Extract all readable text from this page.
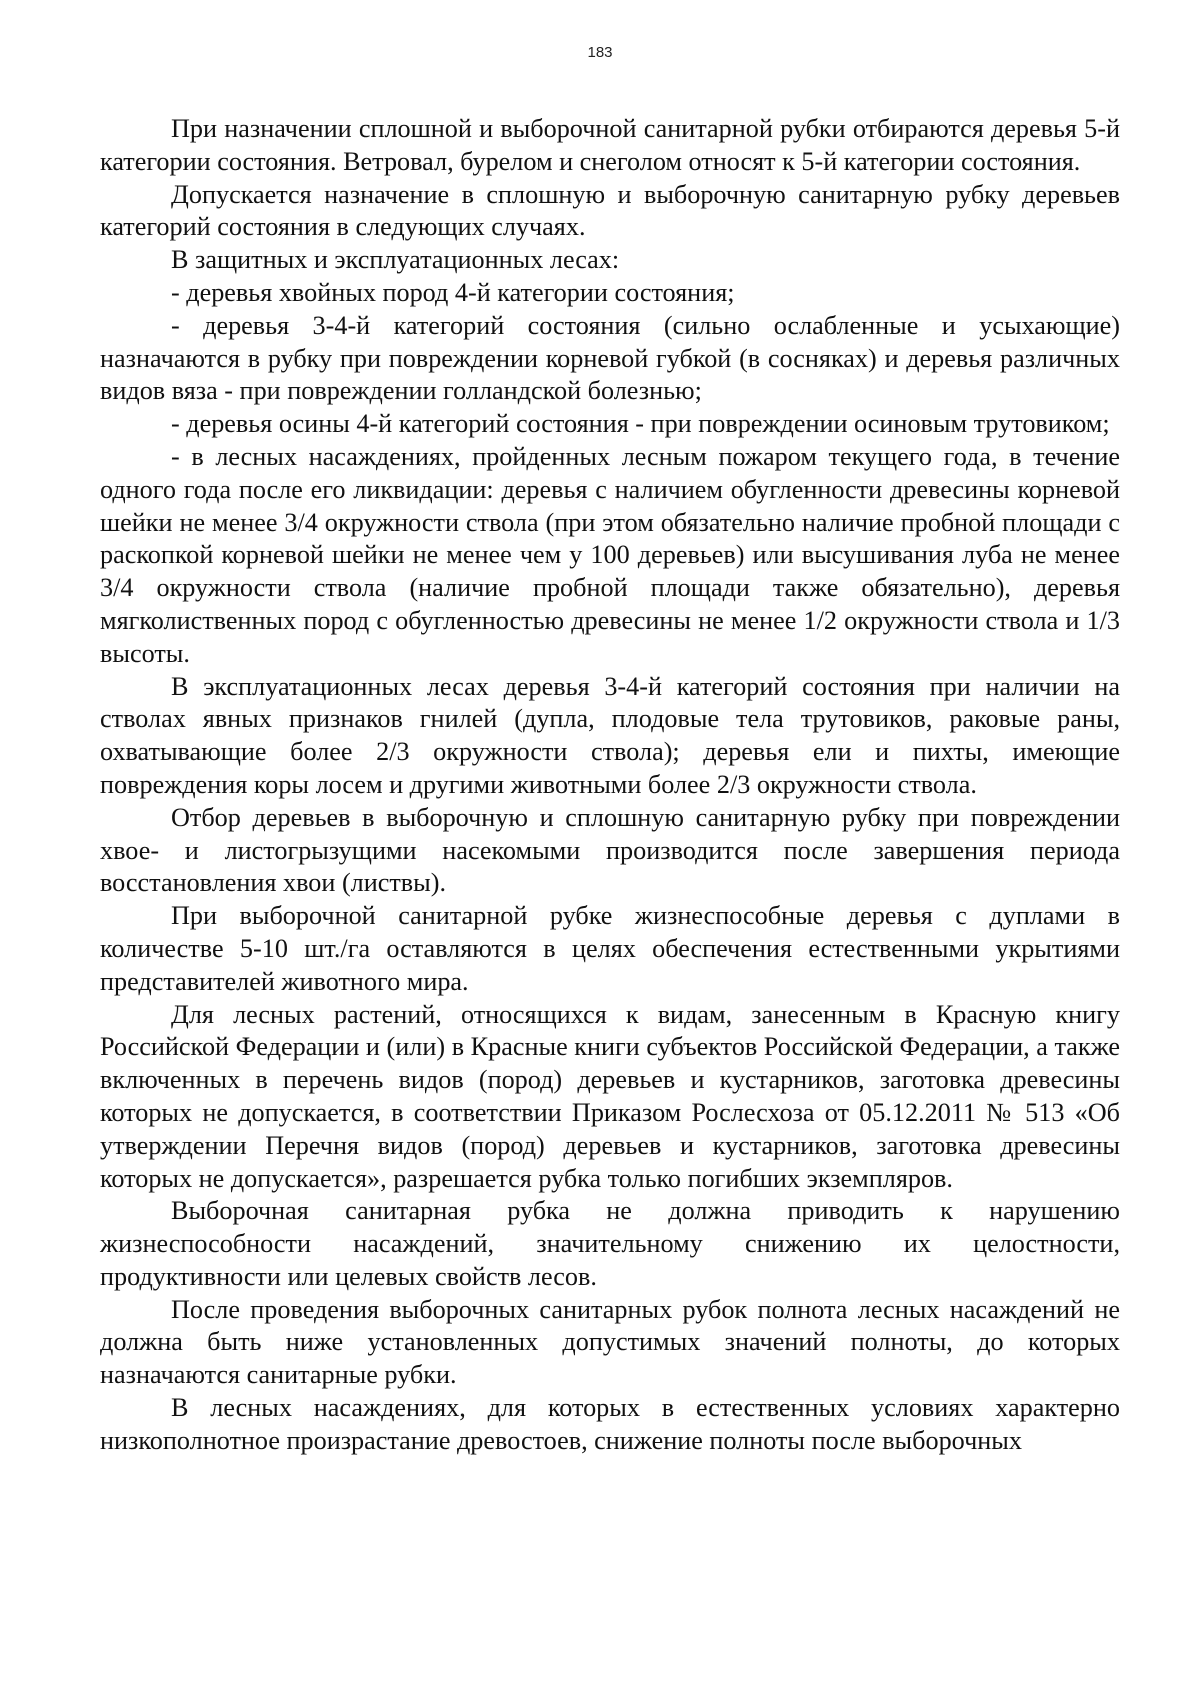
183

При назначении сплошной и выборочной санитарной рубки отбираются деревья 5-й категории состояния. Ветровал, бурелом и снеголом относят к 5-й категории состояния.

Допускается назначение в сплошную и выборочную санитарную рубку деревьев категорий состояния в следующих случаях.

В защитных и эксплуатационных лесах:

- деревья хвойных пород 4-й категории состояния;

- деревья 3-4-й категорий состояния (сильно ослабленные и усыхающие) назначаются в рубку при повреждении корневой губкой (в сосняках) и деревья различных видов вяза - при повреждении голландской болезнью;

- деревья осины 4-й категорий состояния - при повреждении осиновым трутовиком;

- в лесных насаждениях, пройденных лесным пожаром текущего года, в течение одного года после его ликвидации: деревья с наличием обугленности древесины корневой шейки не менее 3/4 окружности ствола (при этом обязательно наличие пробной площади с раскопкой корневой шейки не менее чем у 100 деревьев) или высушивания луба не менее 3/4 окружности ствола (наличие пробной площади также обязательно), деревья мягколиственных пород с обугленностью древесины не менее 1/2 окружности ствола и 1/3 высоты.

В эксплуатационных лесах деревья 3-4-й категорий состояния при наличии на стволах явных признаков гнилей (дупла, плодовые тела трутовиков, раковые раны, охватывающие более 2/3 окружности ствола); деревья ели и пихты, имеющие повреждения коры лосем и другими животными более 2/3 окружности ствола.

Отбор деревьев в выборочную и сплошную санитарную рубку при повреждении хвое- и листогрызущими насекомыми производится после завершения периода восстановления хвои (листвы).

При выборочной санитарной рубке жизнеспособные деревья с дуплами в количестве 5-10 шт./га оставляются в целях обеспечения естественными укрытиями представителей животного мира.

Для лесных растений, относящихся к видам, занесенным в Красную книгу Российской Федерации и (или) в Красные книги субъектов Российской Федерации, а также включенных в перечень видов (пород) деревьев и кустарников, заготовка древесины которых не допускается, в соответствии Приказом Рослесхоза от 05.12.2011 № 513 «Об утверждении Перечня видов (пород) деревьев и кустарников, заготовка древесины которых не допускается», разрешается рубка только погибших экземпляров.

Выборочная санитарная рубка не должна приводить к нарушению жизнеспособности насаждений, значительному снижению их целостности, продуктивности или целевых свойств лесов.

После проведения выборочных санитарных рубок полнота лесных насаждений не должна быть ниже установленных допустимых значений полноты, до которых назначаются санитарные рубки.

В лесных насаждениях, для которых в естественных условиях характерно низкополнотное произрастание древостоев, снижение полноты после выборочных
